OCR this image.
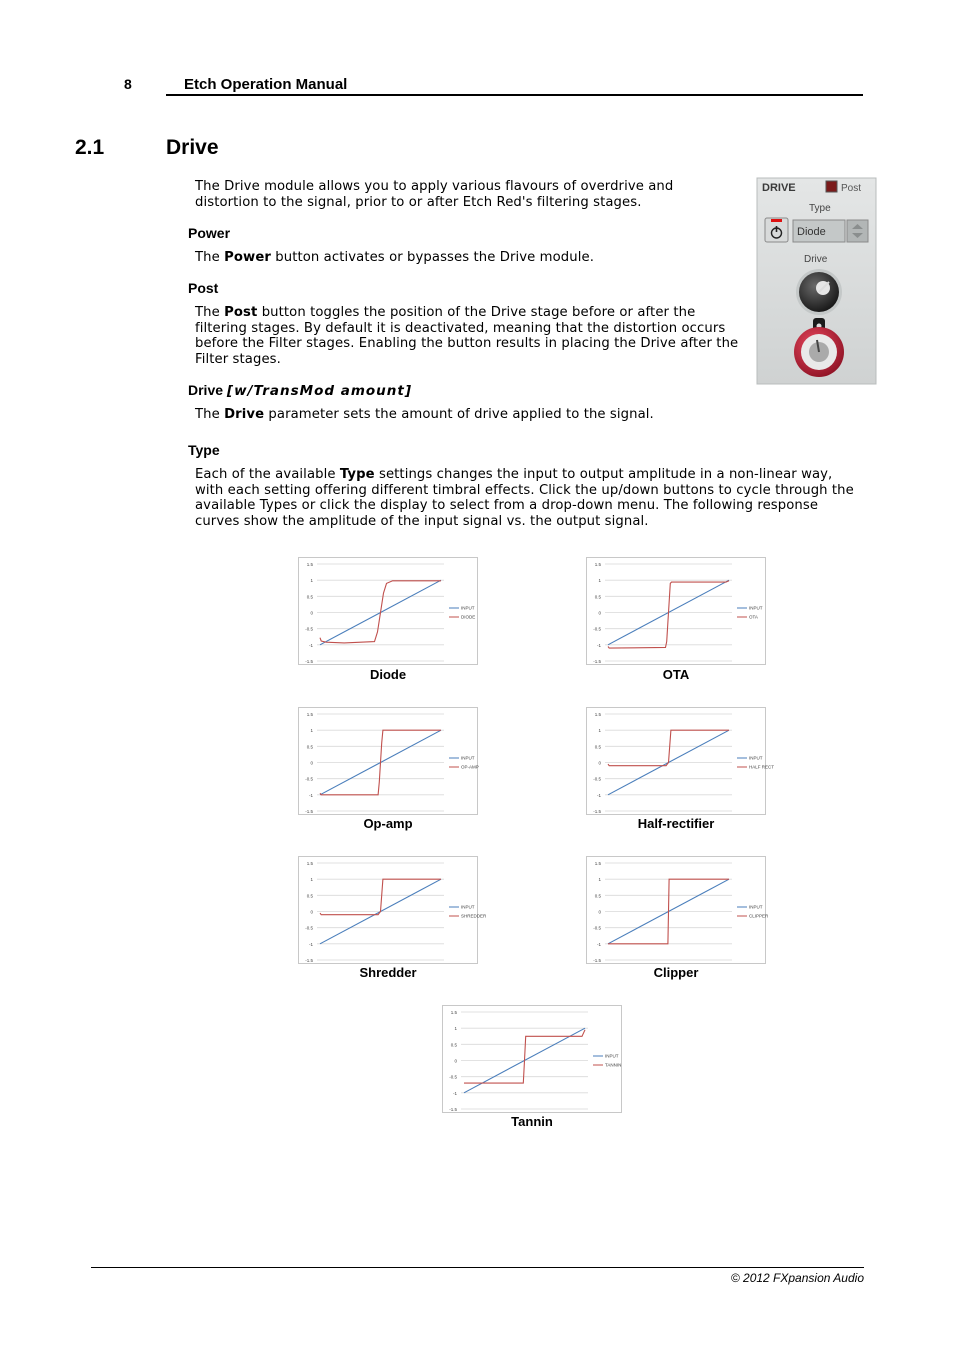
8	Etch Operation Manual
2.1	Drive

The Drive module allows you to apply various flavours of overdrive and distortion to the signal, prior to or after Etch Red's filtering stages.

Power

The Power button activates or bypasses the Drive module.

Post

The Post button toggles the position of the Drive stage before or after the
filtering stages. By default it is deactivated, meaning that the distortion occurs
before the Filter stages. Enabling the button results in placing the Drive after the
Filter stages.

Drive [w/TransMod amount]

The Drive parameter sets the amount of drive applied to the signal.

Type

Each of the available Type settings changes the input to output amplitude in a non-linear way,
with each setting offering different timbral effects. Click the up/down buttons to cycle through the
available Types or click the display to select from a drop-down menu. The following response
curves show the amplitude of the input signal vs. the output signal.

DRIVE	Post
Type
Diode
Drive
1.5
1
0.5
0
-0.5
-1
-1.5
INPUT
DIODE
Diode
1.5
1
0.5
0
-0.5
-1
-1.5
INPUT
OTA
OTA
1.5
1
0.5
0
-0.5
-1
-1.5
INPUT
OP-AMP
Op-amp
1.5
1
0.5
0
-0.5
-1
-1.5
INPUT
HALF RECT
Half-rectifier
1.5
1
0.5
0
-0.5
-1
-1.5
INPUT
SHREDDER
Shredder
1.5
1
0.5
0
-0.5
-1
-1.5
INPUT
CLIPPER
Clipper
1.5
1
0.5
0
-0.5
-1
-1.5
INPUT
TANNIN
Tannin
© 2012 FXpansion Audio
